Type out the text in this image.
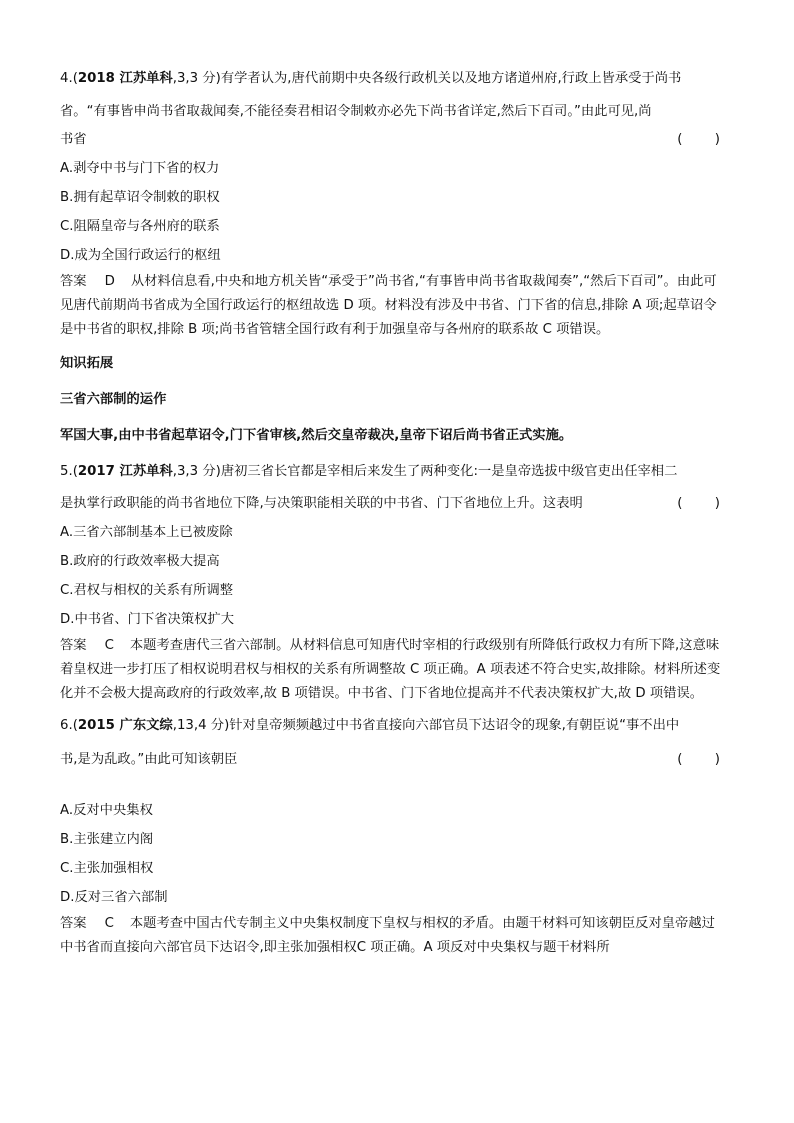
4.(2018 江苏单科,3,3 分)有学者认为,唐代前期中央各级行政机关以及地方诸道州府,行政上皆承受于尚书

省。“有事皆申尚书省取裁闻奏,不能径奏君相诏令制敕亦必先下尚书省详定,然后下百司。”由此可见,尚

书省	(      )

A.剥夺中书与门下省的权力

B.拥有起草诏令制敕的职权

C.阻隔皇帝与各州府的联系

D.成为全国行政运行的枢纽

答案 D 从材料信息看,中央和地方机关皆“承受于”尚书省,“有事皆申尚书省取裁闻奏”,“然后下百司”。由此可见唐代前期尚书省成为全国行政运行的枢纽故选 D 项。材料没有涉及中书省、门下省的信息,排除 A 项;起草诏令是中书省的职权,排除 B 项;尚书省管辖全国行政有利于加强皇帝与各州府的联系故 C 项错误。

知识拓展

三省六部制的运作

军国大事,由中书省起草诏令,门下省审核,然后交皇帝裁决,皇帝下诏后尚书省正式实施。

5.(2017 江苏单科,3,3 分)唐初三省长官都是宰相后来发生了两种变化:一是皇帝选拔中级官吏出任宰相二

是执掌行政职能的尚书省地位下降,与决策职能相关联的中书省、门下省地位上升。这表明	(      )

A.三省六部制基本上已被废除

B.政府的行政效率极大提高

C.君权与相权的关系有所调整

D.中书省、门下省决策权扩大

答案 C 本题考查唐代三省六部制。从材料信息可知唐代时宰相的行政级别有所降低行政权力有所下降,这意味着皇权进一步打压了相权说明君权与相权的关系有所调整故 C 项正确。A 项表述不符合史实,故排除。材料所述变化并不会极大提高政府的行政效率,故 B 项错误。中书省、门下省地位提高并不代表决策权扩大,故 D 项错误。

6.(2015 广东文综,13,4 分)针对皇帝频频越过中书省直接向六部官员下达诏令的现象,有朝臣说“事不出中

书,是为乱政。”由此可知该朝臣	(      )

A.反对中央集权

B.主张建立内阁

C.主张加强相权

D.反对三省六部制

答案 C 本题考查中国古代专制主义中央集权制度下皇权与相权的矛盾。由题干材料可知该朝臣反对皇帝越过中书省而直接向六部官员下达诏令,即主张加强相权C 项正确。A 项反对中央集权与题干材料所
